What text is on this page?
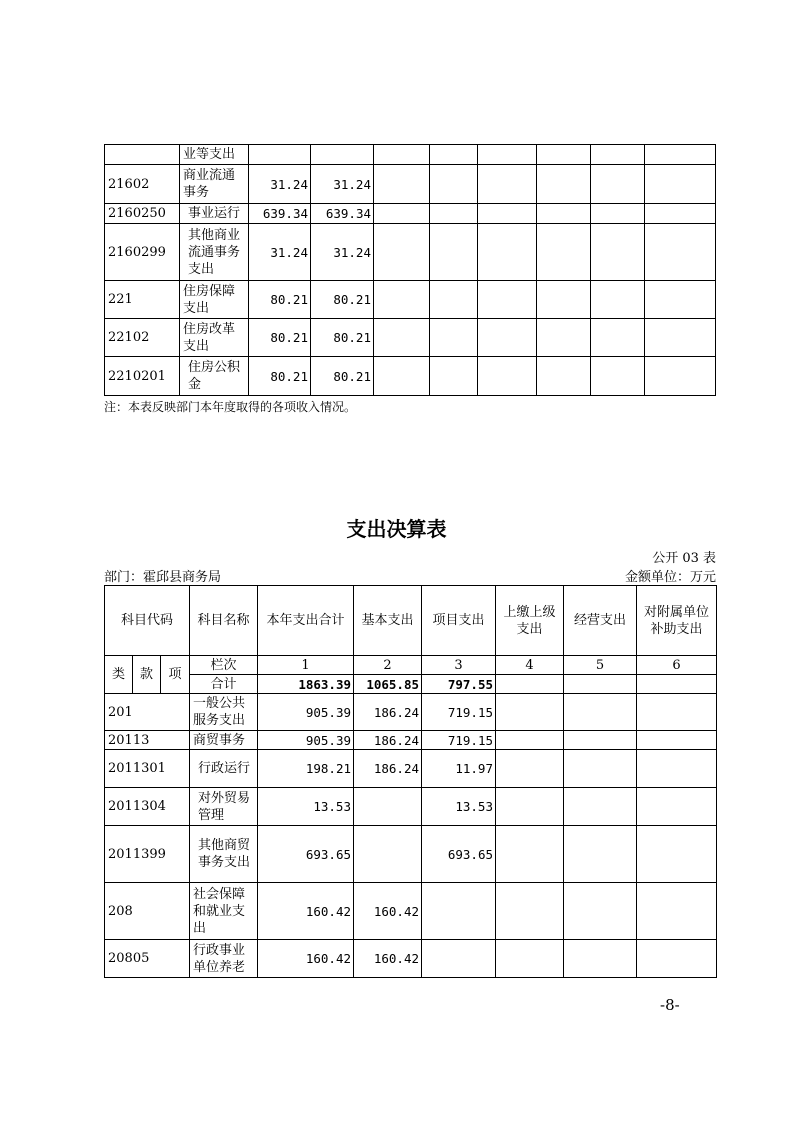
	业等支出								
21602	商业流通事务	31.24	31.24						
2160250	事业运行	639.34	639.34						
2160299	其他商业流通事务支出	31.24	31.24						
221	住房保障支出	80.21	80.21						
22102	住房改革支出	80.21	80.21						
2210201	住房公积金	80.21	80.21						
注：本表反映部门本年度取得的各项收入情况。
支出决算表
公开 03 表
部门：霍邱县商务局	金额单位：万元
科目代码			科目名称	本年支出合计	基本支出	项目支出	上缴上级支出	经营支出	对附属单位补助支出
类	款	项	栏次	1	2	3	4	5	6
			合计	1863.39	1065.85	797.55			
201			一般公共服务支出	905.39	186.24	719.15			
20113			商贸事务	905.39	186.24	719.15			
2011301			行政运行	198.21	186.24	11.97			
2011304			对外贸易管理	13.53		13.53			
2011399			其他商贸事务支出	693.65		693.65			
208			社会保障和就业支出	160.42	160.42				
20805			行政事业单位养老	160.42	160.42				
-8-
